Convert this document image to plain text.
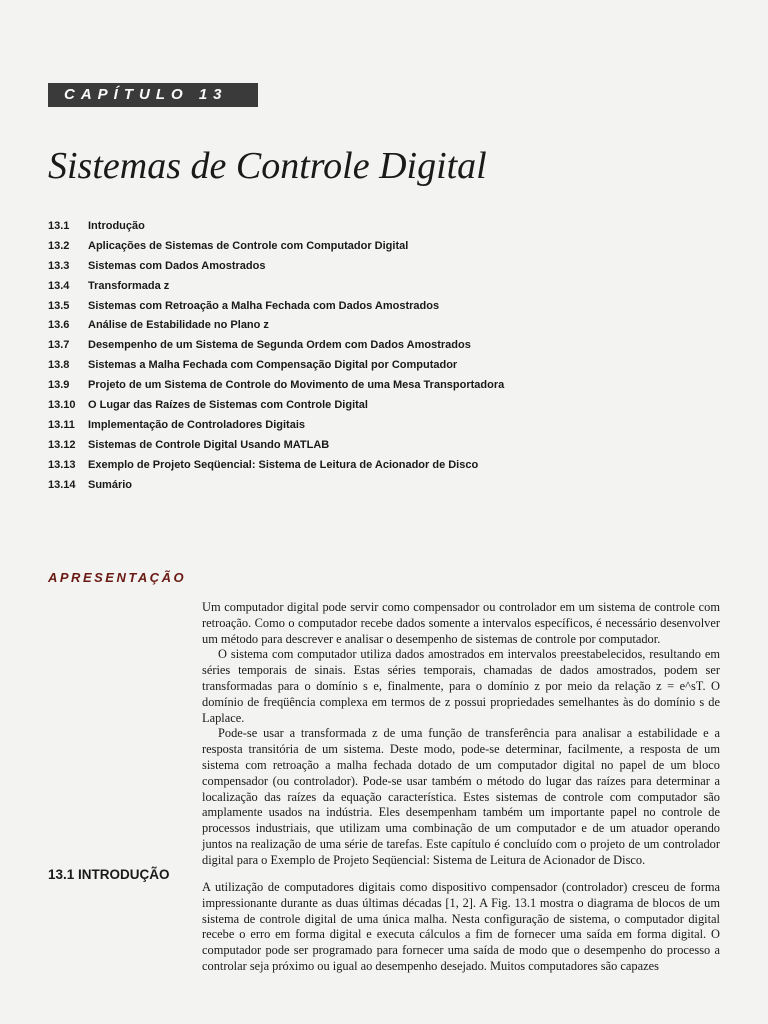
CAPÍTULO 13
Sistemas de Controle Digital
13.1	Introdução
13.2	Aplicações de Sistemas de Controle com Computador Digital
13.3	Sistemas com Dados Amostrados
13.4	Transformada z
13.5	Sistemas com Retroação a Malha Fechada com Dados Amostrados
13.6	Análise de Estabilidade no Plano z
13.7	Desempenho de um Sistema de Segunda Ordem com Dados Amostrados
13.8	Sistemas a Malha Fechada com Compensação Digital por Computador
13.9	Projeto de um Sistema de Controle do Movimento de uma Mesa Transportadora
13.10	O Lugar das Raízes de Sistemas com Controle Digital
13.11	Implementação de Controladores Digitais
13.12	Sistemas de Controle Digital Usando MATLAB
13.13	Exemplo de Projeto Seqüencial: Sistema de Leitura de Acionador de Disco
13.14	Sumário
APRESENTAÇÃO

Um computador digital pode servir como compensador ou controlador em um sistema de controle com retroação. Como o computador recebe dados somente a intervalos específicos, é necessário desenvolver um método para descrever e analisar o desempenho de sistemas de controle por computador.

O sistema com computador utiliza dados amostrados em intervalos preestabelecidos, resultando em séries temporais de sinais. Estas séries temporais, chamadas de dados amostrados, podem ser transformadas para o domínio s e, finalmente, para o domínio z por meio da relação z = e^sT. O domínio de freqüência complexa em termos de z possui propriedades semelhantes às do domínio s de Laplace.

Pode-se usar a transformada z de uma função de transferência para analisar a estabilidade e a resposta transitória de um sistema. Deste modo, pode-se determinar, facilmente, a resposta de um sistema com retroação a malha fechada dotado de um computador digital no papel de um bloco compensador (ou controlador). Pode-se usar também o método do lugar das raízes para determinar a localização das raízes da equação característica. Estes sistemas de controle com computador são amplamente usados na indústria. Eles desempenham também um importante papel no controle de processos industriais, que utilizam uma combinação de um computador e de um atuador operando juntos na realização de uma série de tarefas. Este capítulo é concluído com o projeto de um controlador digital para o Exemplo de Projeto Seqüencial: Sistema de Leitura de Acionador de Disco.

13.1 INTRODUÇÃO

A utilização de computadores digitais como dispositivo compensador (controlador) cresceu de forma impressionante durante as duas últimas décadas [1, 2]. A Fig. 13.1 mostra o diagrama de blocos de um sistema de controle digital de uma única malha. Nesta configuração de sistema, o computador digital recebe o erro em forma digital e executa cálculos a fim de fornecer uma saída em forma digital. O computador pode ser programado para fornecer uma saída de modo que o desempenho do processo a controlar seja próximo ou igual ao desempenho desejado. Muitos computadores são capazes
